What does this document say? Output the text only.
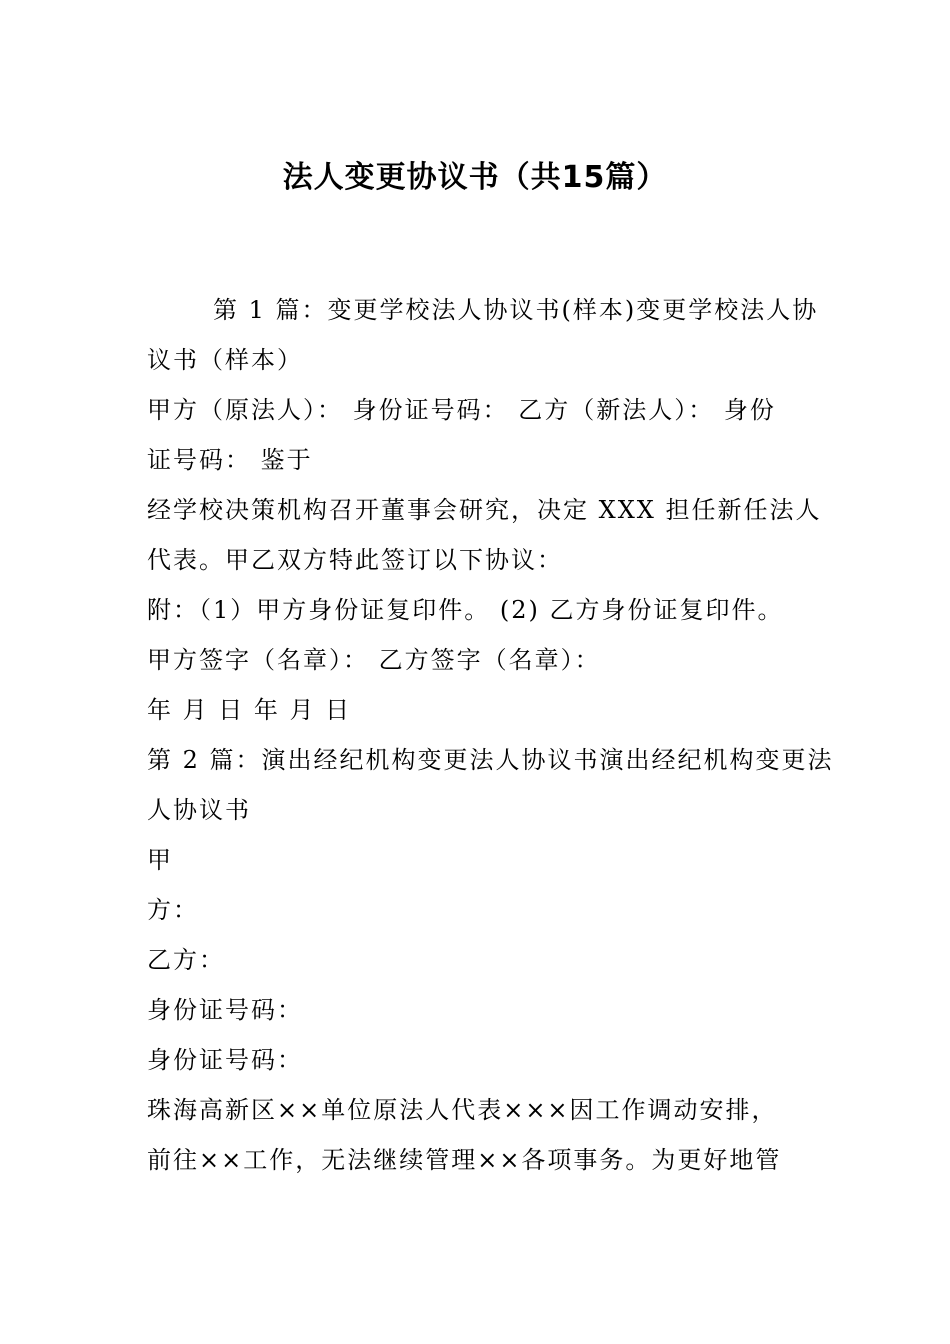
法人变更协议书（共15篇）
第 1 篇：变更学校法人协议书(样本)变更学校法人协
议书（样本）
甲方（原法人）： 身份证号码： 乙方（新法人）： 身份
证号码： 鉴于
经学校决策机构召开董事会研究，决定 XXX 担任新任法人
代表。甲乙双方特此签订以下协议：
附：（1）甲方身份证复印件。 (2) 乙方身份证复印件。
甲方签字（名章）： 乙方签字（名章）：
年 月 日 年 月 日
第 2 篇：演出经纪机构变更法人协议书演出经纪机构变更法
人协议书
甲
方：
乙方：
身份证号码：
身份证号码：
珠海高新区××单位原法人代表×××因工作调动安排，
前往××工作，无法继续管理××各项事务。为更好地管
